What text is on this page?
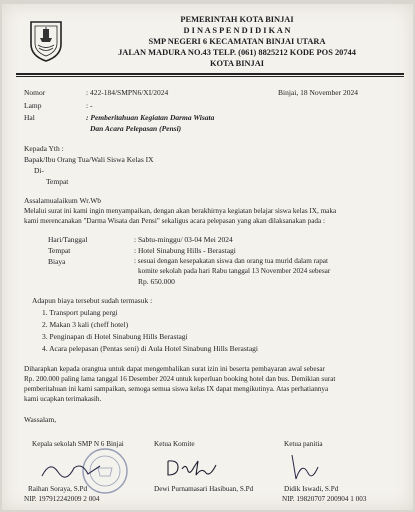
PEMERINTAH KOTA BINJAI
D I N A S P E N D I D I K A N
SMP NEGERI 6 KECAMATAN BINJAI UTARA
JALAN MADURA NO.43 TELP. (061) 8825212 KODE POS 20744
KOTA BINJAI
Nomor	: 422-184/SMPN6/XI/2024	Binjai, 18 November 2024
Lamp	: -
Hal	: Pemberitahuan Kegiatan Darma Wisata
Dan Acara Pelepasan (Pensi)
Kepada Yth :
Bapak/Ibu Orang Tua/Wali Siswa Kelas IX
Di-
Tempat
Assalamualaikum Wr.Wb
Melalui surat ini kami ingin menyampaikan, dengan akan berakhirnya kegiatan belajar siswa kelas IX, maka
kami merencanakan "Darma Wisata dan Pensi" sekaligus acara pelepasan yang akan dilaksanakan pada :
Hari/Tanggal	: Sabtu-minggu/ 03-04 Mei 2024
Tempat	: Hotel Sinabung Hills - Berastagi
Biaya	: sesuai dengan kesepakatan siswa dan orang tua murid dalam rapat
komite sekolah pada hari Rabu tanggal 13 November 2024 sebesar
Rp. 650.000
Adapun biaya tersebut sudah termasuk :
1. Transport pulang pergi
2. Makan 3 kali (cheff hotel)
3. Penginapan di Hotel Sinabung Hills Berastagi
4. Acara pelepasan (Pentas seni) di Aula Hotel Sinabung Hills Berastagi
Diharapkan kepada orangtua untuk dapat mengembalikan surat izin ini beserta pembayaran awal sebesar
Rp. 200.000 paling lama tanggal 16 Desember 2024 untuk keperluan booking hotel dan bus. Demikian surat
pemberitahuan ini kami sampaikan, semoga semua siswa kelas IX dapat mengikutinya. Atas perhatiannya
kami ucapkan terimakasih.
Wassalam,
Kepala sekolah SMP N 6 Binjai
Raihan Soraya, S.Pd
NIP. 197912242009 2 004
Ketua Komite
Dewi Purnamasari Hasibuan, S.Pd
Ketua panitia
Didik Iswadi, S.Pd
NIP. 19820707 200904 1 003
